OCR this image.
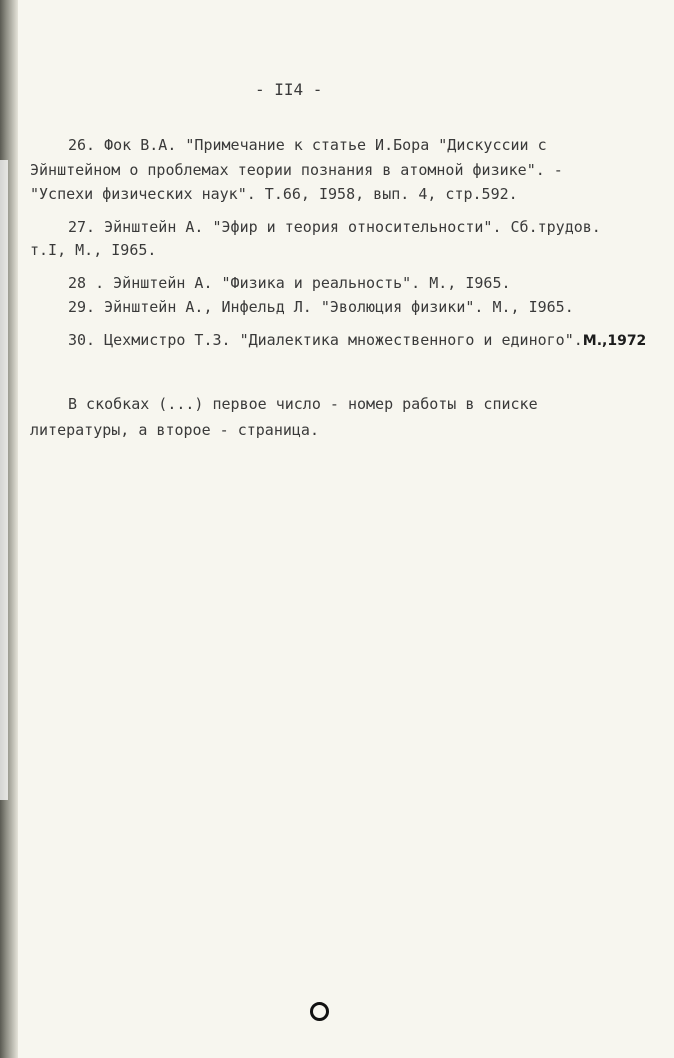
- II4 -
26. Фок В.А. "Примечание к статье И.Бора "Дискуссии с
Эйнштейном о проблемах теории познания в атомной физике". -
"Успехи физических наук". Т.66, I958, вып. 4, стр.592.
27. Эйнштейн А. "Эфир и теория относительности". Сб.трудов.
т.I, М., I965.
28 . Эйнштейн А. "Физика и реальность". М., I965.
29. Эйнштейн А., Инфельд Л. "Эволюция физики". М., I965.
30. Цехмистро Т.З. "Диалектика множественного и единого".М.,1972
В скобках (...) первое число - номер работы в списке
литературы, а второе - страница.
